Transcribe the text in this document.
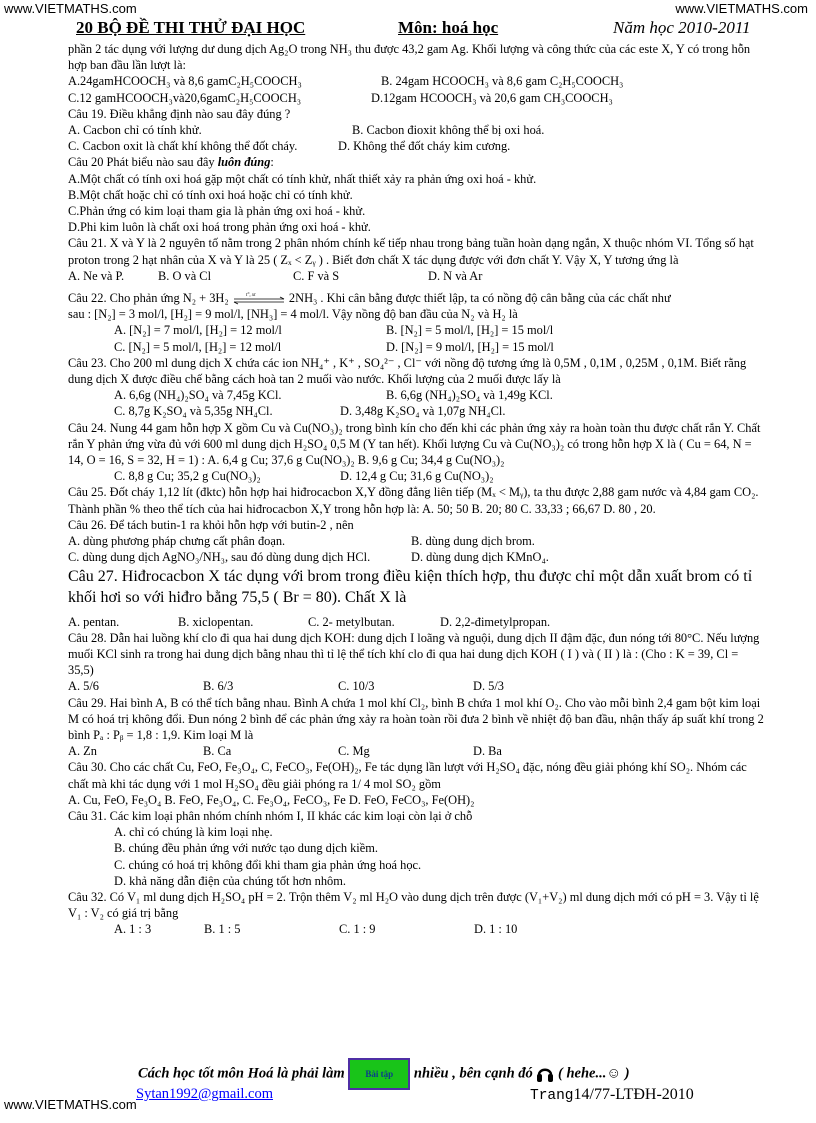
www.VIETMATHS.com	www.VIETMATHS.com
20 BỘ ĐỀ THI THỬ ĐẠI HỌC	Môn: hoá học	Năm học 2010-2011

phần 2 tác dụng với lượng dư dung dịch Ag₂O trong NH₃ thu được 43,2 gam Ag. Khối lượng và công thức của các este X, Y có trong hỗn hợp ban đầu lần lượt là:

A.24gamHCOOCH₃ và 8,6 gamC₂H₅COOCH₃	B. 24gam HCOOCH₃ và 8,6 gam C₂H₅COOCH₃
C.12 gamHCOOCH₃và20,6gamC₂H₅COOCH₃	D.12gam HCOOCH₃ và 20,6 gam CH₃COOCH₃

Câu 19. Điều khẳng định nào sau đây đúng ?

A. Cacbon chỉ có tính khử.	B. Cacbon đioxit không thể bị oxi hoá.
C. Cacbon oxit là chất khí không thể đốt cháy.	D. Không thể đốt cháy kim cương.

Câu 20 Phát biểu nào sau đây luôn đúng:

A.Một chất có tính oxi hoá gặp một chất có tính khử, nhất thiết xảy ra phản ứng oxi hoá - khử.

B.Một chất hoặc chỉ có tính oxi hoá hoặc chỉ có tính khử.

C.Phản ứng có kim loại tham gia là phản ứng oxi hoá - khử.

D.Phi kim luôn là chất oxi hoá trong phản ứng oxi hoá - khử.

Câu 21. X và Y là 2 nguyên tố nằm trong 2 phân nhóm chính kế tiếp nhau trong bảng tuần hoàn dạng ngắn, X thuộc nhóm VI. Tổng số hạt proton trong 2 hạt nhân của X và Y là 25 ( Zₓ < Zᵧ ) . Biết đơn chất X tác dụng được với đơn chất Y. Vậy X, Y tương ứng là

A. Ne và P.	B. O và Cl	C. F và S	D. N và Ar

Câu 22. Cho phản ứng N₂ + 3H₂	t°, xt	2NH₃ . Khi cân bằng được thiết lập, ta có nồng độ cân bằng của các chất như

sau : [N₂] = 3 mol/l, [H₂] = 9 mol/l, [NH₃] = 4 mol/l. Vậy nồng độ ban đầu của N₂ và H₂ là

A. [N₂] = 7 mol/l, [H₂] = 12 mol/l	B. [N₂] = 5 mol/l, [H₂] = 15 mol/l
C. [N₂] = 5 mol/l, [H₂] = 12 mol/l	D. [N₂] = 9 mol/l, [H₂] = 15 mol/l

Câu 23. Cho 200 ml dung dịch X chứa các ion NH₄⁺ , K⁺ , SO₄²⁻ , Cl⁻ với nồng độ tương ứng là 0,5M , 0,1M , 0,25M , 0,1M. Biết rằng dung dịch X được điều chế bằng cách hoà tan 2 muối vào nước. Khối lượng của 2 muối được lấy là

A. 6,6g (NH₄)₂SO₄ và 7,45g KCl.	B. 6,6g (NH₄)₂SO₄ và 1,49g KCl.
C. 8,7g K₂SO₄ và 5,35g NH₄Cl.	D. 3,48g K₂SO₄ và 1,07g NH₄Cl.

Câu 24. Nung 44 gam hỗn hợp X gồm Cu và Cu(NO₃)₂ trong bình kín cho đến khi các phản ứng xảy ra hoàn toàn thu được chất rắn Y. Chất rắn Y phản ứng vừa đủ với 600 ml dung dịch H₂SO₄ 0,5 M (Y tan hết). Khối lượng Cu và Cu(NO₃)₂ có trong hỗn hợp X là ( Cu = 64, N = 14, O = 16, S = 32, H = 1) : A. 6,4 g Cu; 37,6 g Cu(NO₃)₂ B. 9,6 g Cu; 34,4 g Cu(NO₃)₂

C. 8,8 g Cu; 35,2 g Cu(NO₃)₂	D. 12,4 g Cu; 31,6 g Cu(NO₃)₂

Câu 25. Đốt cháy 1,12 lít (đktc) hỗn hợp hai hiđrocacbon X,Y đồng đẳng liên tiếp (Mₓ < Mᵧ), ta thu được 2,88 gam nước và 4,84 gam CO₂. Thành phần % theo thể tích của hai hiđrocacbon X,Y trong hỗn hợp là: A. 50; 50 B. 20; 80 C. 33,33 ; 66,67 D. 80 , 20.

Câu 26. Để tách butin-1 ra khỏi hỗn hợp với butin-2 , nên

A. dùng phương pháp chưng cất phân đoạn.	B. dùng dung dịch brom.
C. dùng dung dịch AgNO₃/NH₃, sau đó dùng dung dịch HCl.	D. dùng dung dịch KMnO₄.

Câu 27. Hiđrocacbon X tác dụng với brom trong điều kiện thích hợp, thu được chỉ một dẫn xuất brom có tỉ khối hơi so với hiđro bằng 75,5 ( Br = 80). Chất X là

A. pentan.	B. xiclopentan.	C. 2- metylbutan.	D. 2,2-đimetylpropan.

Câu 28. Dẫn hai luồng khí clo đi qua hai dung dịch KOH: dung dịch I loãng và nguội, dung dịch II đậm đặc, đun nóng tới 80°C. Nếu lượng muối KCl sinh ra trong hai dung dịch bằng nhau thì tỉ lệ thể tích khí clo đi qua hai dung dịch KOH ( I ) và ( II ) là : (Cho : K = 39, Cl = 35,5)

A. 5/6	B. 6/3	C. 10/3	D. 5/3

Câu 29. Hai bình A, B có thể tích bằng nhau. Bình A chứa 1 mol khí Cl₂, bình B chứa 1 mol khí O₂. Cho vào mỗi bình 2,4 gam bột kim loại M có hoá trị không đổi. Đun nóng 2 bình để các phản ứng xảy ra hoàn toàn rồi đưa 2 bình về nhiệt độ ban đầu, nhận thấy áp suất khí trong 2 bình Pₐ : Pᵦ = 1,8 : 1,9. Kim loại M là

A. Zn	B. Ca	C. Mg	D. Ba

Câu 30. Cho các chất Cu, FeO, Fe₃O₄, C, FeCO₃, Fe(OH)₂, Fe tác dụng lần lượt với H₂SO₄ đặc, nóng đều giải phóng khí SO₂. Nhóm các chất mà khi tác dụng với 1 mol H₂SO₄ đều giải phóng ra 1/ 4 mol SO₂ gồm

A. Cu, FeO, Fe₃O₄ B. FeO, Fe₃O₄, C. Fe₃O₄, FeCO₃, Fe D. FeO, FeCO₃, Fe(OH)₂

Câu 31. Các kim loại phân nhóm chính nhóm I, II khác các kim loại còn lại ở chỗ

A. chỉ có chúng là kim loại nhẹ.
B. chúng đều phản ứng với nước tạo dung dịch kiềm.
C. chúng có hoá trị không đổi khi tham gia phản ứng hoá học.
D. khả năng dẫn điện của chúng tốt hơn nhôm.

Câu 32. Có V₁ ml dung dịch H₂SO₄ pH = 2. Trộn thêm V₂ ml H₂O vào dung dịch trên được (V₁+V₂) ml dung dịch mới có pH = 3. Vậy tỉ lệ V₁ : V₂ có giá trị bằng

A. 1 : 3	B. 1 : 5	C. 1 : 9	D. 1 : 10
Cách học tốt môn Hoá là phải làm Bài tập nhiều , bên cạnh đó ( hehe...☺ )
www.VIETMATHS.com
Sytan1992@gmail.com	Trang14/77-LTĐH-2010
